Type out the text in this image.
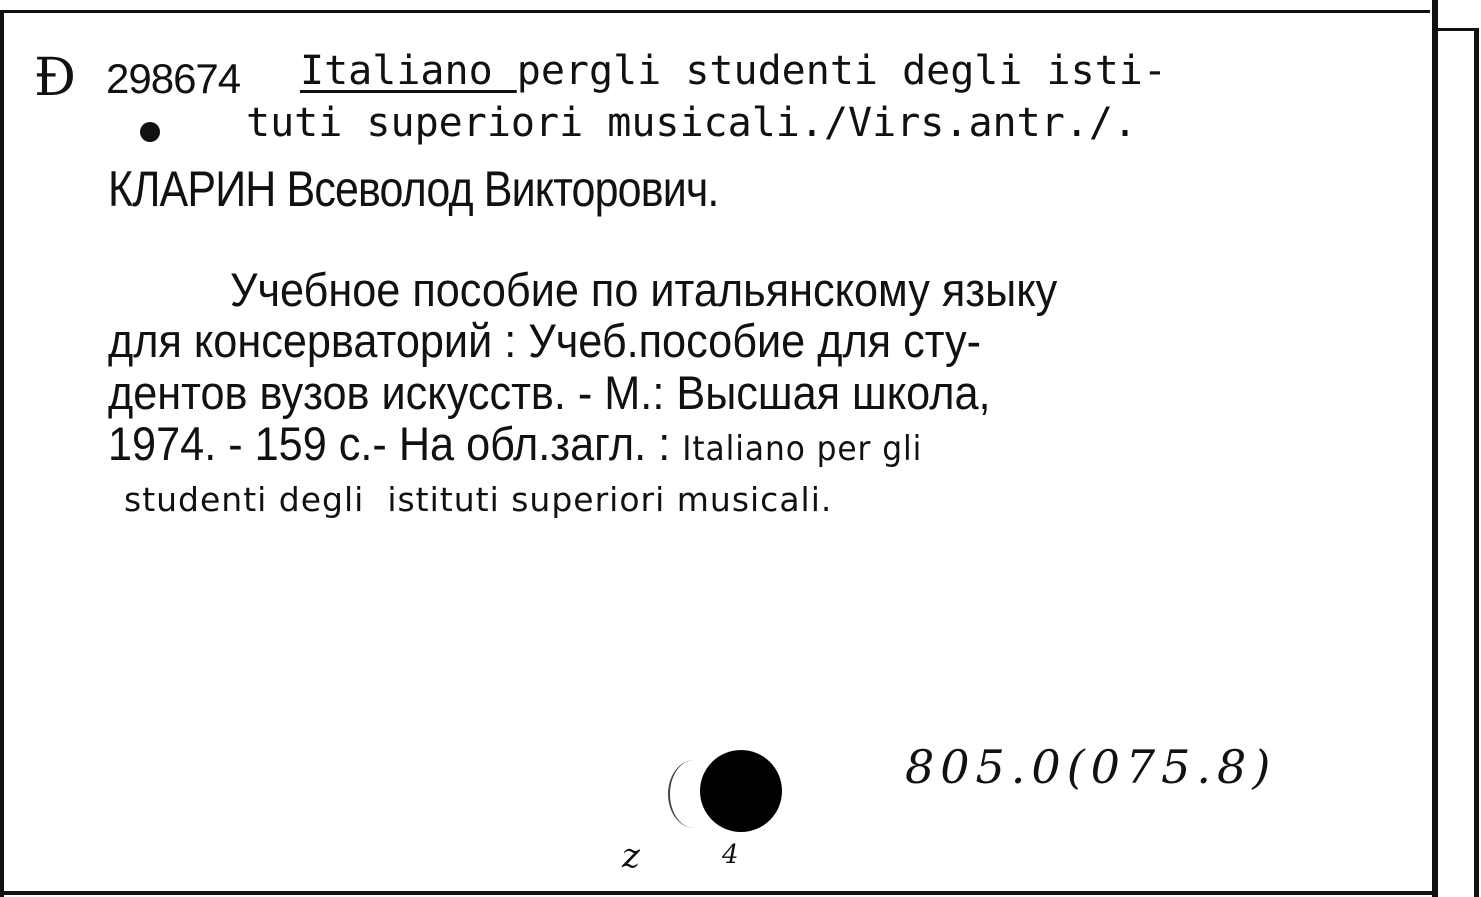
Ð 298674 Italiano pergli studenti degli isti-
tuti superiori musicali./Virs.antr./.
КЛАРИН Всеволод Викторович.
Учебное пособие по итальянскому языку
для консерваторий : Учеб.пособие для сту-
дентов вузов искусств. - М.: Высшая школа,
1974. - 159 с.- На обл.загл. : Italiano per gli
studenti degli  istituti superiori musicali.
805.0(075.8)
z	4
